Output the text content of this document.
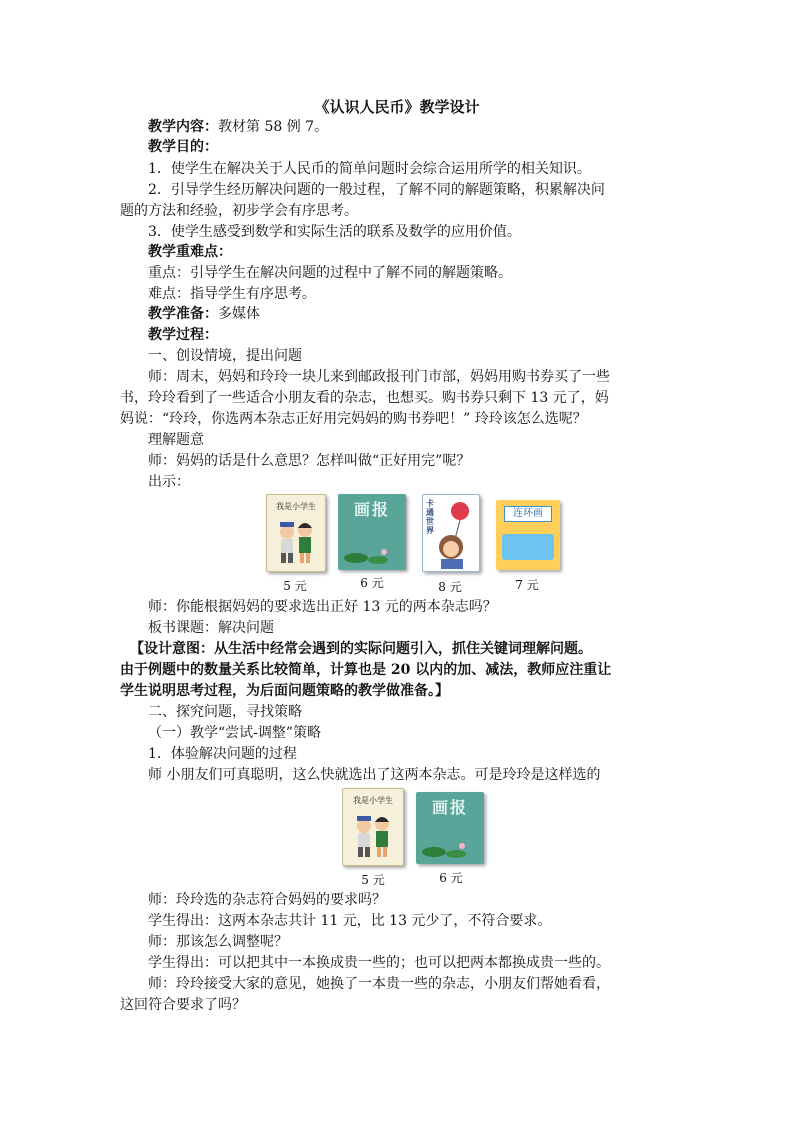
《认识人民币》教学设计
教学内容：教材第 58 例 7。
教学目的：
1．使学生在解决关于人民币的简单问题时会综合运用所学的相关知识。
2．引导学生经历解决问题的一般过程，了解不同的解题策略，积累解决问
题的方法和经验，初步学会有序思考。
3．使学生感受到数学和实际生活的联系及数学的应用价值。
教学重难点：
重点：引导学生在解决问题的过程中了解不同的解题策略。
难点：指导学生有序思考。
教学准备：多媒体
教学过程：
一、创设情境，提出问题
师：周末，妈妈和玲玲一块儿来到邮政报刊门市部，妈妈用购书券买了一些
书，玲玲看到了一些适合小朋友看的杂志，也想买。购书券只剩下 13 元了，妈
妈说：“玲玲，你选两本杂志正好用完妈妈的购书券吧！” 玲玲该怎么选呢？
理解题意
师：妈妈的话是什么意思？怎样叫做“正好用完”呢？
出示：
我是小学生	画报	卡通世界
连环画
5 元	6 元	8 元	7 元
师：你能根据妈妈的要求选出正好 13 元的两本杂志吗？
板书课题：解决问题
【设计意图：从生活中经常会遇到的实际问题引入，抓住关键词理解问题。
由于例题中的数量关系比较简单，计算也是 20 以内的加、减法，教师应注重让
学生说明思考过程，为后面问题策略的教学做准备。】
二、探究问题，寻找策略
（一）教学“尝试-调整”策略
1．体验解决问题的过程
师 小朋友们可真聪明，这么快就选出了这两本杂志。可是玲玲是这样选的
我是小学生	画报
5 元	6 元
师：玲玲选的杂志符合妈妈的要求吗？
学生得出：这两本杂志共计 11 元，比 13 元少了，不符合要求。
师：那该怎么调整呢？
学生得出：可以把其中一本换成贵一些的；也可以把两本都换成贵一些的。
师：玲玲接受大家的意见，她换了一本贵一些的杂志，小朋友们帮她看看，
这回符合要求了吗？
